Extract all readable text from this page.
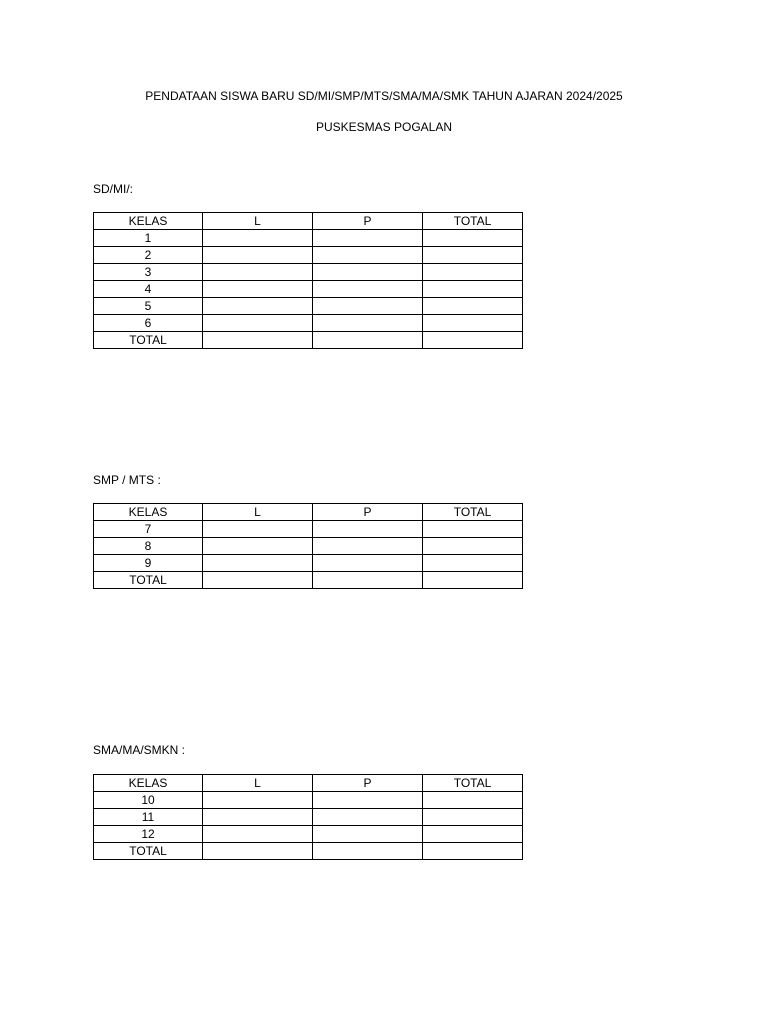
PENDATAAN SISWA BARU SD/MI/SMP/MTS/SMA/MA/SMK TAHUN AJARAN 2024/2025
PUSKESMAS POGALAN
SD/MI/:
KELAS	L	P	TOTAL
1			
2			
3			
4			
5			
6			
TOTAL			
SMP / MTS :
KELAS	L	P	TOTAL
7			
8			
9			
TOTAL			
SMA/MA/SMKN :
KELAS	L	P	TOTAL
10			
11			
12			
TOTAL			
